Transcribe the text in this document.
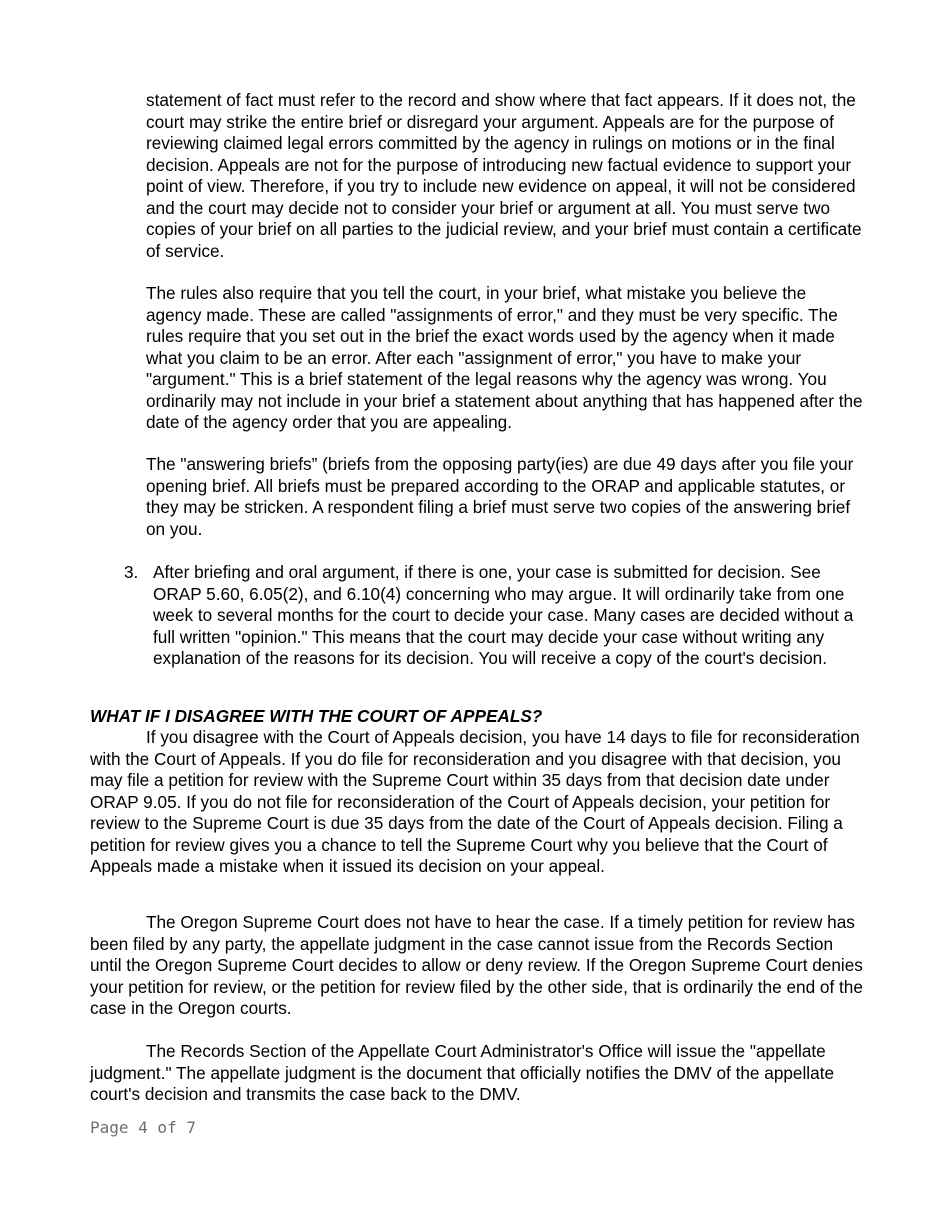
statement of fact must refer to the record and show where that fact appears. If it does not, the court may strike the entire brief or disregard your argument. Appeals are for the purpose of reviewing claimed legal errors committed by the agency in rulings on motions or in the final decision. Appeals are not for the purpose of introducing new factual evidence to support your point of view. Therefore, if you try to include new evidence on appeal, it will not be considered and the court may decide not to consider your brief or argument at all. You must serve two copies of your brief on all parties to the judicial review, and your brief must contain a certificate of service.

The rules also require that you tell the court, in your brief, what mistake you believe the agency made. These are called "assignments of error," and they must be very specific. The rules require that you set out in the brief the exact words used by the agency when it made what you claim to be an error. After each "assignment of error," you have to make your "argument." This is a brief statement of the legal reasons why the agency was wrong. You ordinarily may not include in your brief a statement about anything that has happened after the date of the agency order that you are appealing.

The "answering briefs” (briefs from the opposing party(ies) are due 49 days after you file your opening brief. All briefs must be prepared according to the ORAP and applicable statutes, or they may be stricken. A respondent filing a brief must serve two copies of the answering brief on you.

3. After briefing and oral argument, if there is one, your case is submitted for decision. See ORAP 5.60, 6.05(2), and 6.10(4) concerning who may argue. It will ordinarily take from one week to several months for the court to decide your case. Many cases are decided without a full written "opinion." This means that the court may decide your case without writing any explanation of the reasons for its decision. You will receive a copy of the court's decision.

WHAT IF I DISAGREE WITH THE COURT OF APPEALS?

If you disagree with the Court of Appeals decision, you have 14 days to file for reconsideration with the Court of Appeals. If you do file for reconsideration and you disagree with that decision, you may file a petition for review with the Supreme Court within 35 days from that decision date under ORAP 9.05. If you do not file for reconsideration of the Court of Appeals decision, your petition for review to the Supreme Court is due 35 days from the date of the Court of Appeals decision. Filing a petition for review gives you a chance to tell the Supreme Court why you believe that the Court of Appeals made a mistake when it issued its decision on your appeal.

The Oregon Supreme Court does not have to hear the case. If a timely petition for review has been filed by any party, the appellate judgment in the case cannot issue from the Records Section until the Oregon Supreme Court decides to allow or deny review. If the Oregon Supreme Court denies your petition for review, or the petition for review filed by the other side, that is ordinarily the end of the case in the Oregon courts.

The Records Section of the Appellate Court Administrator's Office will issue the "appellate judgment." The appellate judgment is the document that officially notifies the DMV of the appellate court's decision and transmits the case back to the DMV.

Page 4 of 7
